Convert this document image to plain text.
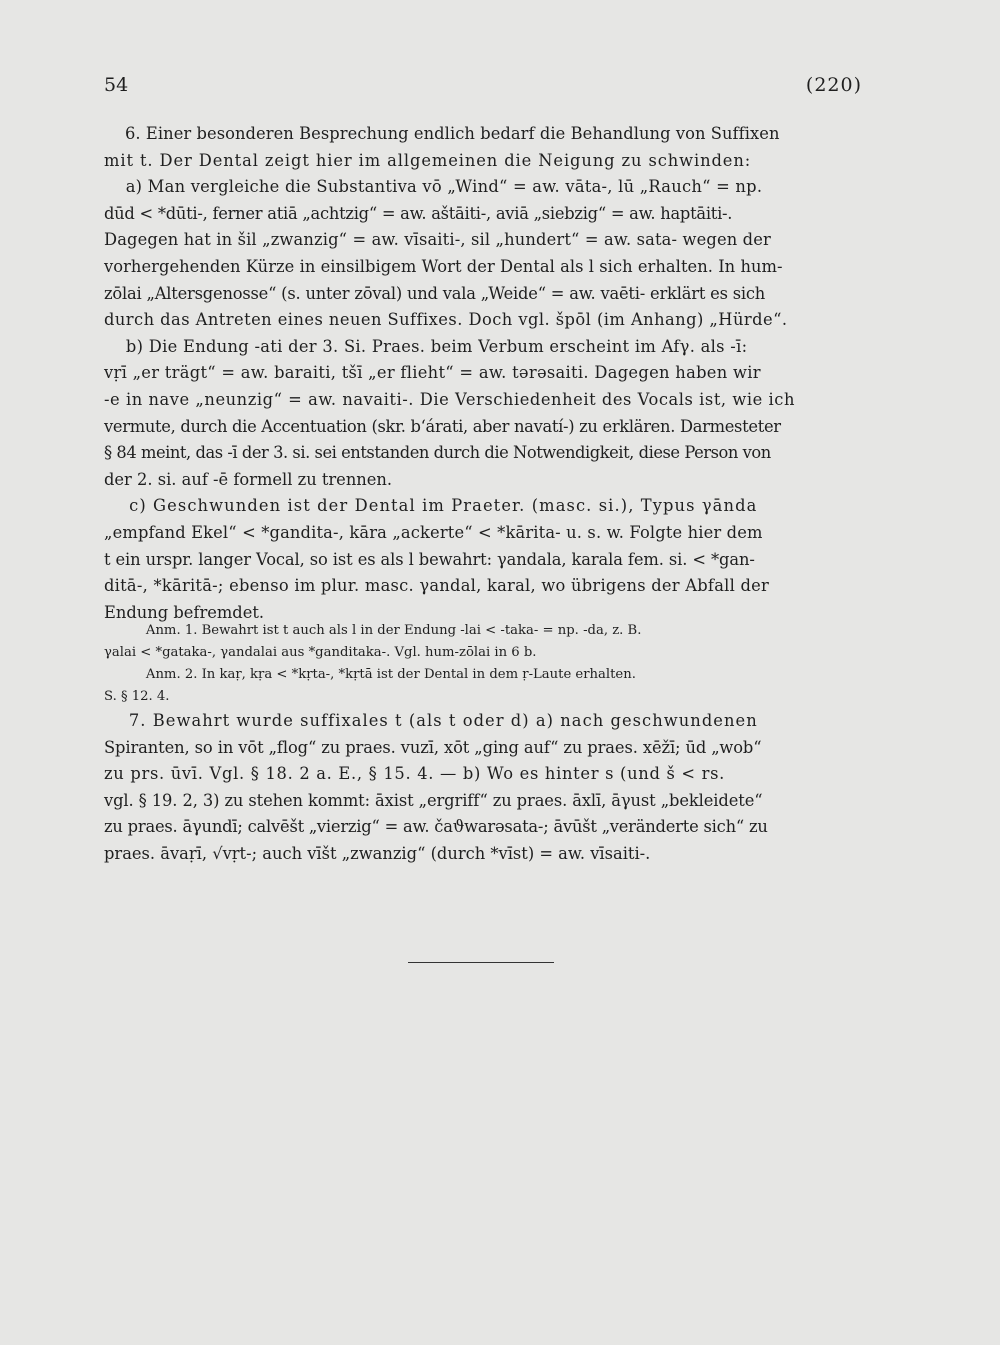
54	(220)
6. Einer besonderen Besprechung endlich bedarf die Behandlung von Suffixen
mit t. Der Dental zeigt hier im allgemeinen die Neigung zu schwinden:
a) Man vergleiche die Substantiva vō „Wind“ = aw. vāta-, lū „Rauch“ = np.
dūd < *dūti-, ferner atiā „achtzig“ = aw. aštāiti-, aviā „siebzig“ = aw. haptāiti-.
Dagegen hat in šil „zwanzig“ = aw. vīsaiti-, sil „hundert“ = aw. sata- wegen der
vorhergehenden Kürze in einsilbigem Wort der Dental als l sich erhalten. In hum-
zōlai „Altersgenosse“ (s. unter zōval) und vala „Weide“ = aw. vaēti- erklärt es sich
durch das Antreten eines neuen Suffixes. Doch vgl. špōl (im Anhang) „Hürde“.
b) Die Endung -ati der 3. Si. Praes. beim Verbum erscheint im Afγ. als -ī:
vṛī „er trägt“ = aw. baraiti, tšī „er flieht“ = aw. tərəsaiti. Dagegen haben wir
-e in nave „neunzig“ = aw. navaiti-. Die Verschiedenheit des Vocals ist, wie ich
vermute, durch die Accentuation (skr. bʻárati, aber navatí-) zu erklären. Darmesteter
§ 84 meint, das -ī der 3. si. sei entstanden durch die Notwendigkeit, diese Person von
der 2. si. auf -ē formell zu trennen.
c) Geschwunden ist der Dental im Praeter. (masc. si.), Typus γānda
„empfand Ekel“ < *gandita-, kāra „ackerte“ < *kārita- u. s. w. Folgte hier dem
t ein urspr. langer Vocal, so ist es als l bewahrt: γandala, karala fem. si. < *gan-
ditā-, *kāritā-; ebenso im plur. masc. γandal, karal, wo übrigens der Abfall der
Endung befremdet.
Anm. 1. Bewahrt ist t auch als l in der Endung -lai < -taka- = np. -da, z. B.
γalai < *gataka-, γandalai aus *ganditaka-. Vgl. hum-zōlai in 6 b.
Anm. 2. In kaṛ, kṛa < *kṛta-, *kṛtā ist der Dental in dem ṛ-Laute erhalten.
S. § 12. 4.
7. Bewahrt wurde suffixales t (als t oder d) a) nach geschwundenen
Spiranten, so in vōt „flog“ zu praes. vuzī, xōt „ging auf“ zu praes. xēžī; ūd „wob“
zu prs. ūvī. Vgl. § 18. 2 a. E., § 15. 4. — b) Wo es hinter s (und š < rs.
vgl. § 19. 2, 3) zu stehen kommt: āxist „ergriff“ zu praes. āxlī, āγust „bekleidete“
zu praes. āγundī; calvēšt „vierzig“ = aw. čaϑwarəsata-; āvūšt „veränderte sich“ zu
praes. āvaṛī, √vṛt-; auch vīšt „zwanzig“ (durch *vīst) = aw. vīsaiti-.
